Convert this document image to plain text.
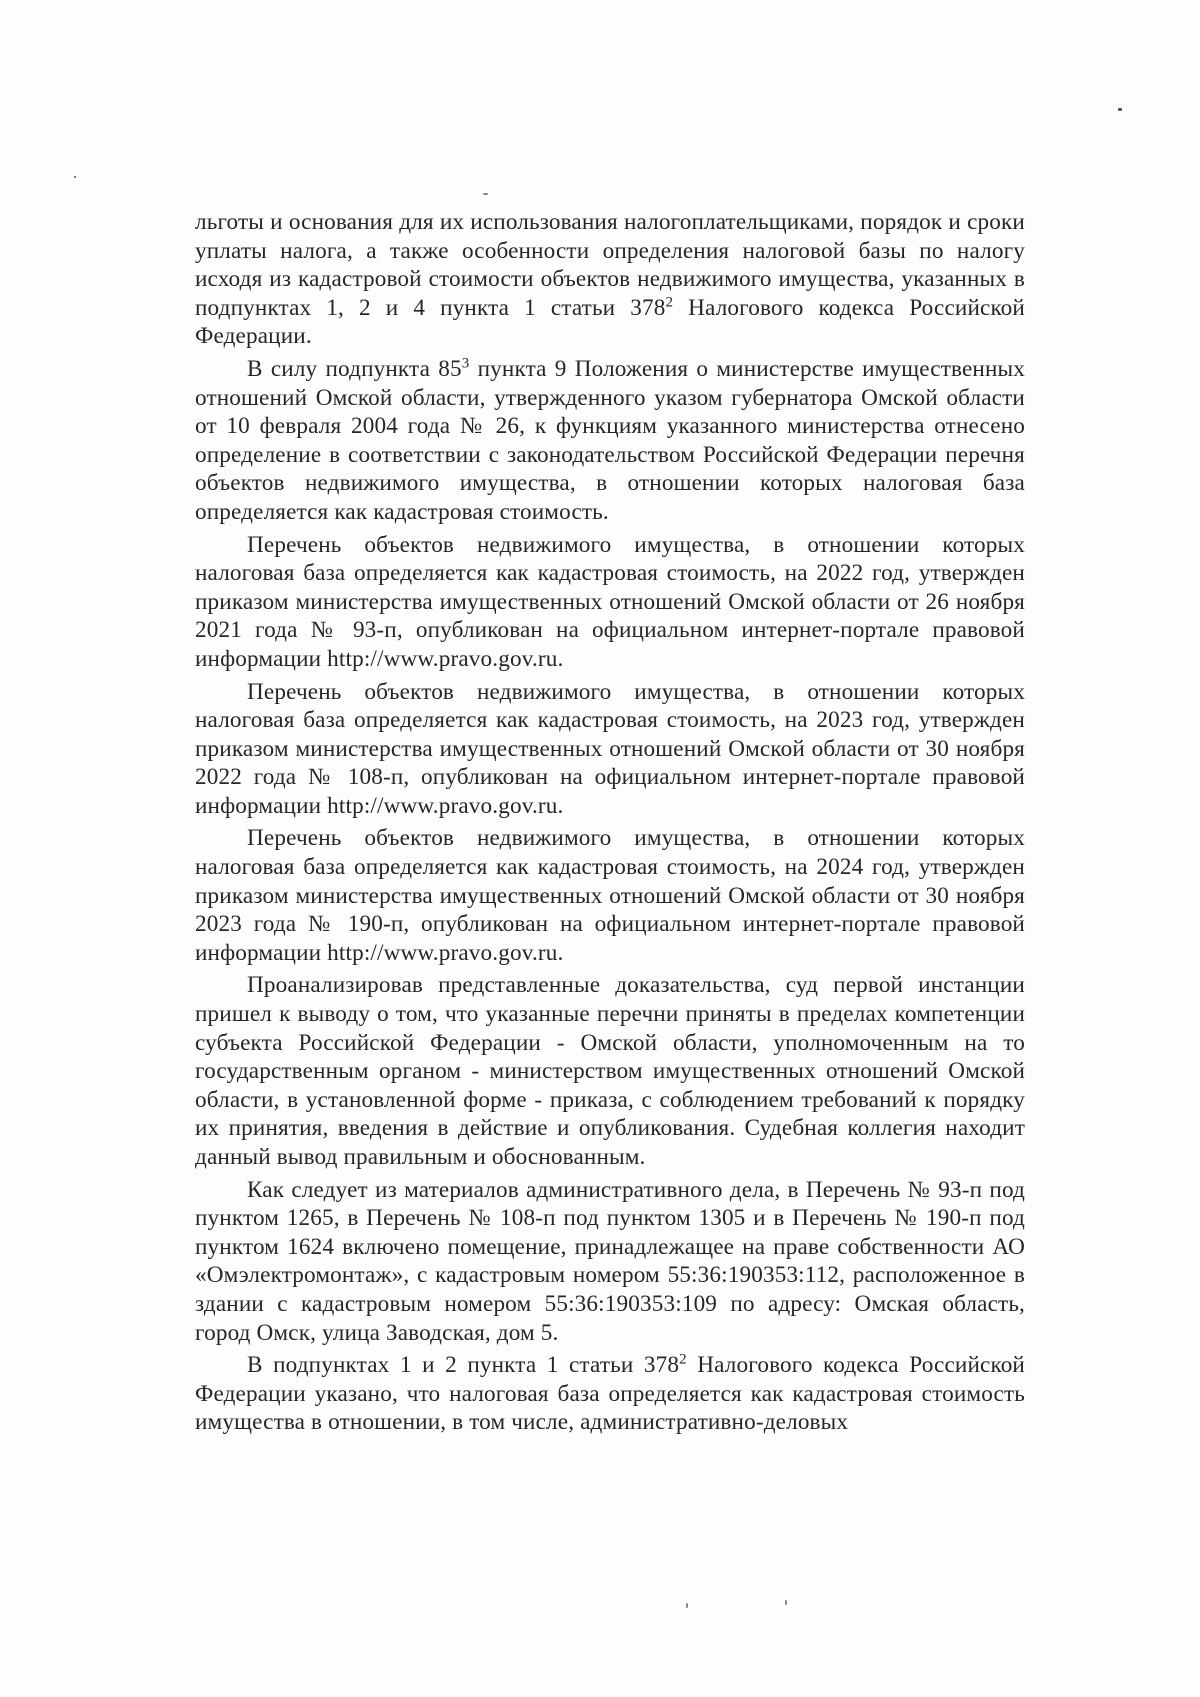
льготы и основания для их использования налогоплательщиками, порядок и сроки уплаты налога, а также особенности определения налоговой базы по налогу исходя из кадастровой стоимости объектов недвижимого имущества, указанных в подпунктах 1, 2 и 4 пункта 1 статьи $378^2$ Налогового кодекса Российской Федерации.

В силу подпункта $85^3$ пункта 9 Положения о министерстве имущественных отношений Омской области, утвержденного указом губернатора Омской области от 10 февраля 2004 года № 26, к функциям указанного министерства отнесено определение в соответствии с законодательством Российской Федерации перечня объектов недвижимого имущества, в отношении которых налоговая база определяется как кадастровая стоимость.

Перечень объектов недвижимого имущества, в отношении которых налоговая база определяется как кадастровая стоимость, на 2022 год, утвержден приказом министерства имущественных отношений Омской области от 26 ноября 2021 года № 93-п, опубликован на официальном интернет-портале правовой информации http://www.pravo.gov.ru.

Перечень объектов недвижимого имущества, в отношении которых налоговая база определяется как кадастровая стоимость, на 2023 год, утвержден приказом министерства имущественных отношений Омской области от 30 ноября 2022 года № 108-п, опубликован на официальном интернет-портале правовой информации http://www.pravo.gov.ru.

Перечень объектов недвижимого имущества, в отношении которых налоговая база определяется как кадастровая стоимость, на 2024 год, утвержден приказом министерства имущественных отношений Омской области от 30 ноября 2023 года № 190-п, опубликован на официальном интернет-портале правовой информации http://www.pravo.gov.ru.

Проанализировав представленные доказательства, суд первой инстанции пришел к выводу о том, что указанные перечни приняты в пределах компетенции субъекта Российской Федерации - Омской области, уполномоченным на то государственным органом - министерством имущественных отношений Омской области, в установленной форме - приказа, с соблюдением требований к порядку их принятия, введения в действие и опубликования. Судебная коллегия находит данный вывод правильным и обоснованным.

Как следует из материалов административного дела, в Перечень № 93-п под пунктом 1265, в Перечень № 108-п под пунктом 1305 и в Перечень № 190-п под пунктом 1624 включено помещение, принадлежащее на праве собственности АО «Омэлектромонтаж», с кадастровым номером 55:36:190353:112, расположенное в здании с кадастровым номером 55:36:190353:109 по адресу: Омская область, город Омск, улица Заводская, дом 5.

В подпунктах 1 и 2 пункта 1 статьи $378^2$ Налогового кодекса Российской Федерации указано, что налоговая база определяется как кадастровая стоимость имущества в отношении, в том числе, административно-деловых
